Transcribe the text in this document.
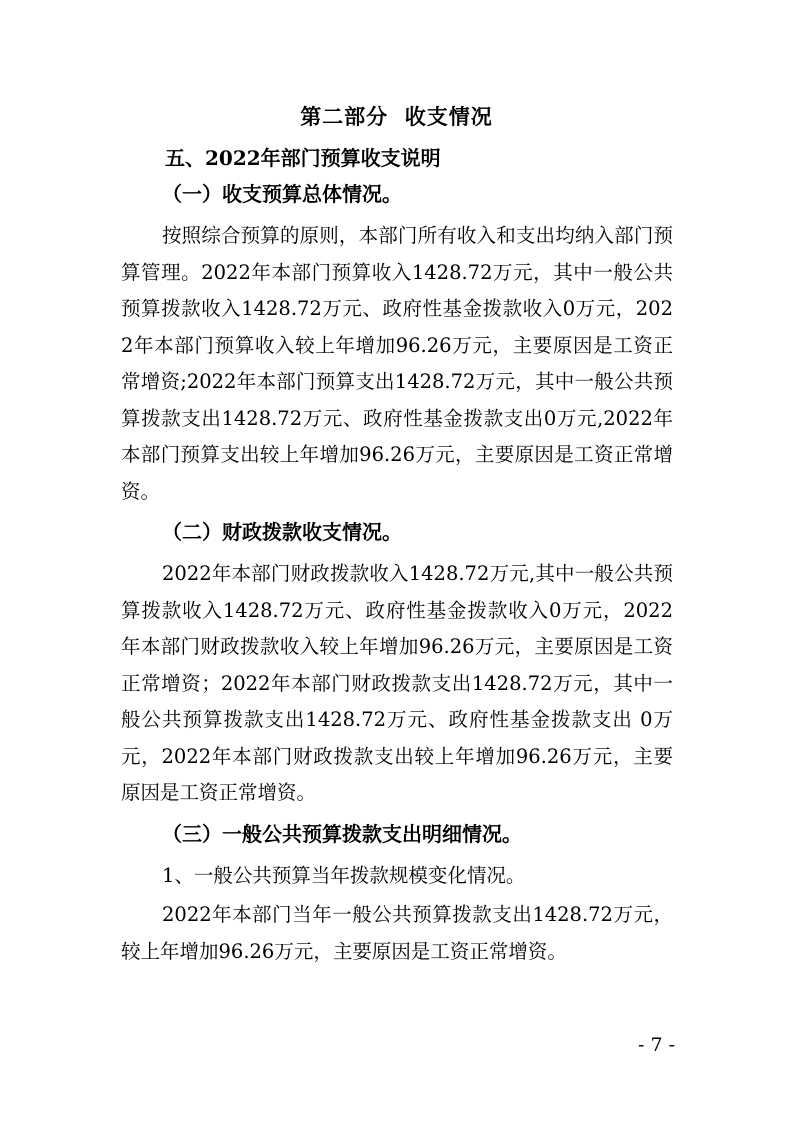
第二部分  收支情况
五、2022年部门预算收支说明
（一）收支预算总体情况。

按照综合预算的原则，本部门所有收入和支出均纳入部门预算管理。2022年本部门预算收入1428.72万元，其中一般公共预算拨款收入1428.72万元、政府性基金拨款收入0万元，2022年本部门预算收入较上年增加96.26万元，主要原因是工资正常增资;2022年本部门预算支出1428.72万元，其中一般公共预算拨款支出1428.72万元、政府性基金拨款支出0万元,2022年本部门预算支出较上年增加96.26万元，主要原因是工资正常增资。

（二）财政拨款收支情况。

2022年本部门财政拨款收入1428.72万元,其中一般公共预算拨款收入1428.72万元、政府性基金拨款收入0万元，2022年本部门财政拨款收入较上年增加96.26万元，主要原因是工资正常增资；2022年本部门财政拨款支出1428.72万元，其中一般公共预算拨款支出1428.72万元、政府性基金拨款支出 0万元，2022年本部门财政拨款支出较上年增加96.26万元，主要原因是工资正常增资。

（三）一般公共预算拨款支出明细情况。

1、一般公共预算当年拨款规模变化情况。

2022年本部门当年一般公共预算拨款支出1428.72万元，较上年增加96.26万元，主要原因是工资正常增资。

- 7 -
